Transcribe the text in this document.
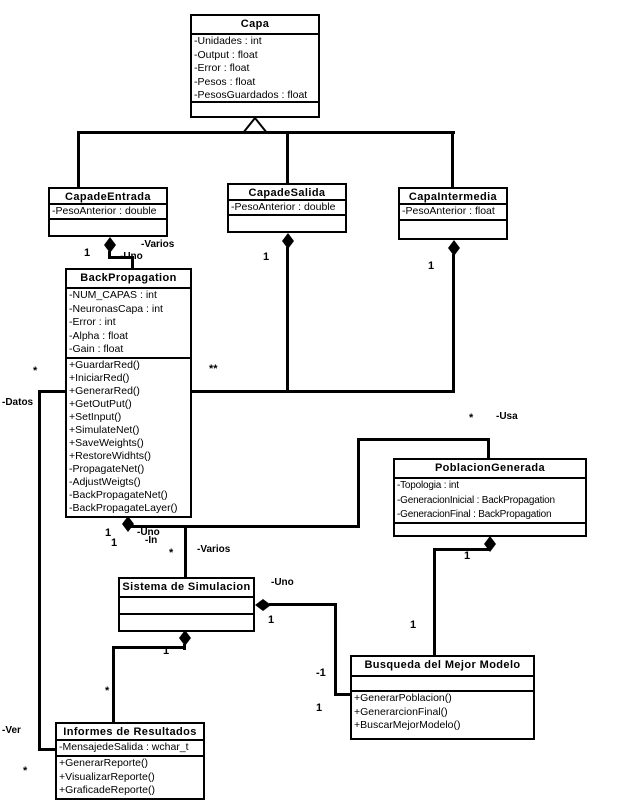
Capa
-Unidades : int
-Output : float
-Error : float
-Pesos : float
-PesosGuardados : float
CapadeEntrada
-PesoAnterior : double
CapadeSalida
-PesoAnterior : double
CapaIntermedia
-PesoAnterior : float
BackPropagation
-NUM_CAPAS : int
-NeuronasCapa : int
-Error : int
-Alpha : float
-Gain : float
+GuardarRed()
+IniciarRed()
+GenerarRed()
+GetOutPut()
+SetInput()
+SimulateNet()
+SaveWeights()
+RestoreWidhts()
-PropagateNet()
-AdjustWeigts()
-BackPropagateNet()
-BackPropagateLayer()
PoblacionGenerada
-Topologia : int
-GeneracionInicial : BackPropagation
-GeneracionFinal : BackPropagation
Sistema de Simulacion
Busqueda del Mejor Modelo
+GenerarPoblacion()
+GenerarcionFinal()
+BuscarMejorModelo()
Informes de Resultados
-MensajedeSalida : wchar_t
+GenerarReporte()
+VisualizarReporte()
+GraficadeReporte()
1	-Uno
-Varios
1
1
**
*
-Datos
1
1
-Uno
-In
* -Varios
* -Usa
-Uno
1
-1
1
1
1
1
*
-Ver
*
